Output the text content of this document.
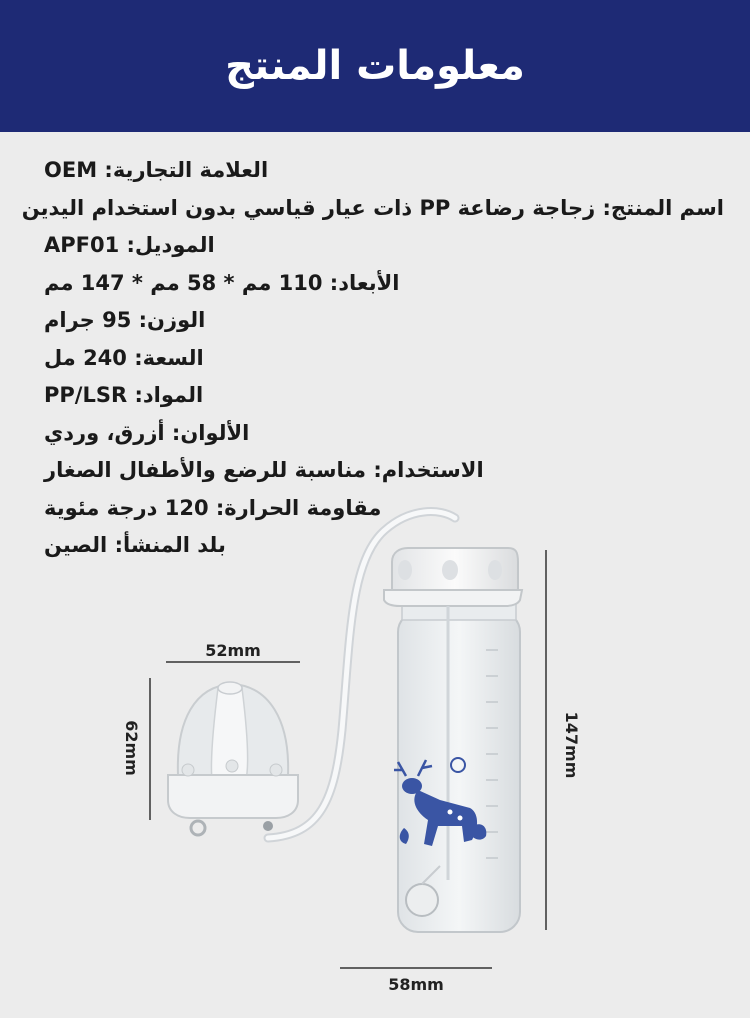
معلومات المنتج
العلامة التجارية: OEM
اسم المنتج: زجاجة رضاعة PP ذات عيار قياسي بدون استخدام اليدين
الموديل: APF01
الأبعاد: 110 مم * 58 مم * 147 مم
الوزن: 95 جرام
السعة: 240 مل
المواد: PP/LSR
الألوان: أزرق، وردي
الاستخدام: مناسبة للرضع والأطفال الصغار
مقاومة الحرارة: 120 درجة مئوية
بلد المنشأ: الصين
52mm
62mm	147mm
58mm
